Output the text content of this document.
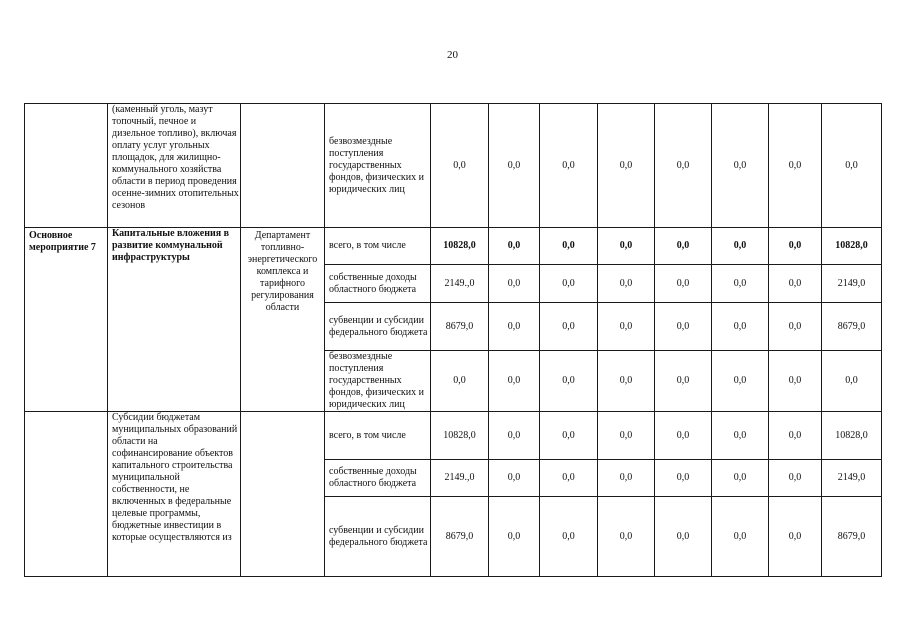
20
	(каменный уголь, мазут топочный, печное и дизельное топливо), включая оплату услуг угольных площадок, для жилищно-коммунального хозяйства области в период проведения осенне-зимних отопительных сезонов		безвозмездные поступления государственных фондов, физических и юридических лиц	0,0	0,0	0,0	0,0	0,0	0,0	0,0	0,0
Основное мероприятие 7	Капитальные вложения в развитие коммунальной инфраструктуры	Департамент топливно-энергетического комплекса и тарифного регулирования области	всего, в том числе	10828,0	0,0	0,0	0,0	0,0	0,0	0,0	10828,0
			собственные доходы областного бюджета	2149.,0	0,0	0,0	0,0	0,0	0,0	0,0	2149,0
			субвенции и субсидии федерального бюджета	8679,0	0,0	0,0	0,0	0,0	0,0	0,0	8679,0
			безвозмездные поступления государственных фондов, физических и юридических лиц	0,0	0,0	0,0	0,0	0,0	0,0	0,0	0,0
	Субсидии бюджетам муниципальных образований области на софинансирование объектов капитального строительства муниципальной собственности, не включенных в федеральные целевые программы, бюджетные инвестиции в которые осуществляются из		всего, в том числе	10828,0	0,0	0,0	0,0	0,0	0,0	0,0	10828,0
			собственные доходы областного бюджета	2149.,0	0,0	0,0	0,0	0,0	0,0	0,0	2149,0
			субвенции и субсидии федерального бюджета	8679,0	0,0	0,0	0,0	0,0	0,0	0,0	8679,0
